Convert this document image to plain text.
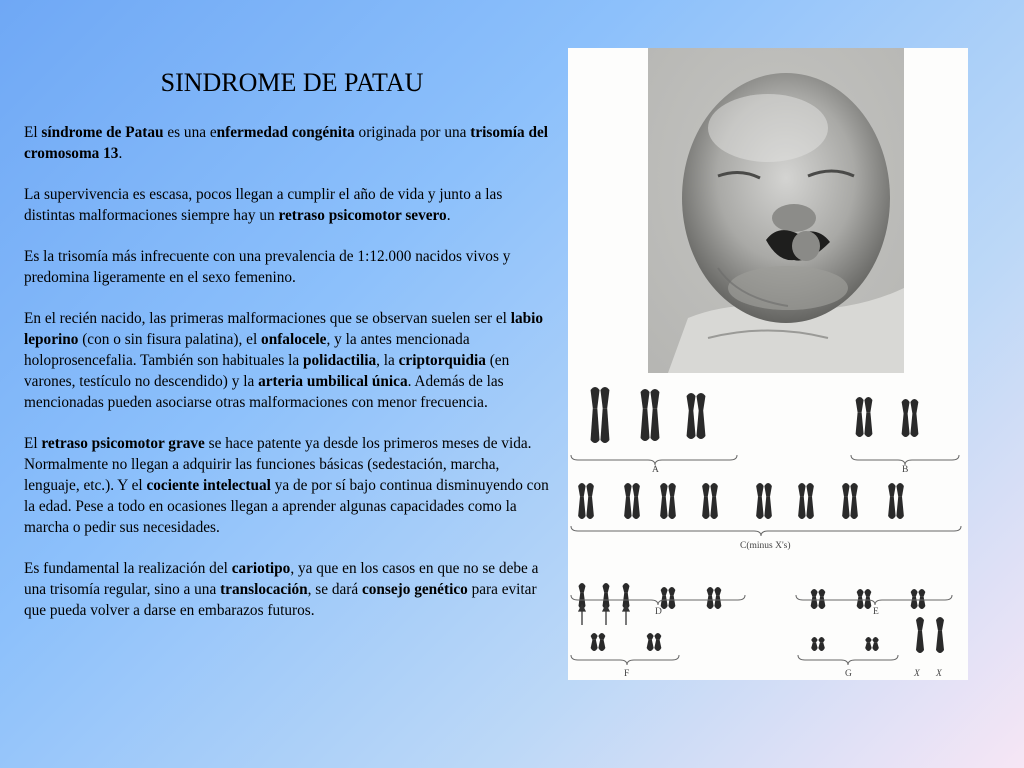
SINDROME DE PATAU

El síndrome de Patau es una enfermedad congénita originada por una trisomía del cromosoma 13.

La supervivencia es escasa, pocos llegan a cumplir el año de vida y junto a las distintas malformaciones siempre hay un retraso psicomotor severo.

Es la trisomía más infrecuente con una prevalencia de 1:12.000 nacidos vivos y predomina ligeramente en el sexo femenino.

En el recién nacido, las primeras malformaciones que se observan suelen ser el labio leporino (con o sin fisura palatina), el onfalocele, y la antes mencionada holoprosencefalia. También son habituales la polidactilia, la criptorquidia (en varones, testículo no descendido) y la arteria umbilical única. Además de las mencionadas pueden asociarse otras malformaciones con menor frecuencia.

El retraso psicomotor grave se hace patente ya desde los primeros meses de vida. Normalmente no llegan a adquirir las funciones básicas (sedestación, marcha, lenguaje, etc.). Y el cociente intelectual ya de por sí bajo continua disminuyendo con la edad. Pese a todo en ocasiones llegan a aprender algunas capacidades como la marcha o pedir sus necesidades.

Es fundamental la realización del cariotipo, ya que en los casos en que no se debe a una trisomía regular, sino a una translocación, se dará consejo genético para evitar que pueda volver a darse en embarazos futuros.

A	B
C(minus X's)
D	E
F	G	X X
